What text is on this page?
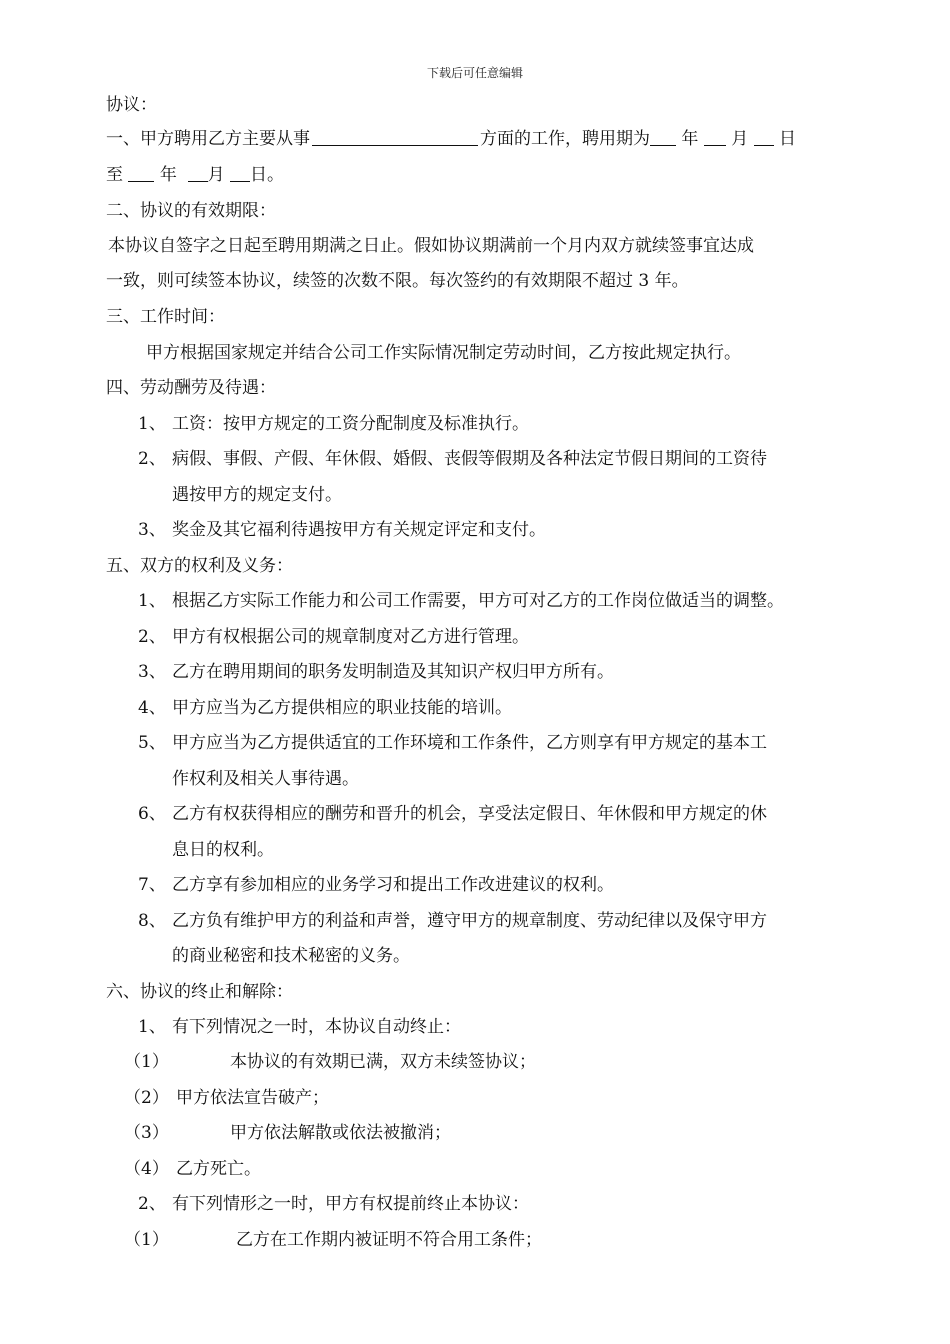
下载后可任意编辑
协议：
一、甲方聘用乙方主要从事	方面的工作，聘用期为 年 月 日
至 年 月 日。
二、协议的有效期限：
本协议自签字之日起至聘用期满之日止。假如协议期满前一个月内双方就续签事宜达成
一致，则可续签本协议，续签的次数不限。每次签约的有效期限不超过 3 年。
三、工作时间：
甲方根据国家规定并结合公司工作实际情况制定劳动时间，乙方按此规定执行。
四、劳动酬劳及待遇：
1、 工资：按甲方规定的工资分配制度及标准执行。
2、 病假、事假、产假、年休假、婚假、丧假等假期及各种法定节假日期间的工资待
遇按甲方的规定支付。
3、 奖金及其它福利待遇按甲方有关规定评定和支付。
五、双方的权利及义务：
1、 根据乙方实际工作能力和公司工作需要，甲方可对乙方的工作岗位做适当的调整。
2、 甲方有权根据公司的规章制度对乙方进行管理。
3、 乙方在聘用期间的职务发明制造及其知识产权归甲方所有。
4、 甲方应当为乙方提供相应的职业技能的培训。
5、 甲方应当为乙方提供适宜的工作环境和工作条件，乙方则享有甲方规定的基本工
作权利及相关人事待遇。
6、 乙方有权获得相应的酬劳和晋升的机会，享受法定假日、年休假和甲方规定的休
息日的权利。
7、 乙方享有参加相应的业务学习和提出工作改进建议的权利。
8、 乙方负有维护甲方的利益和声誉，遵守甲方的规章制度、劳动纪律以及保守甲方
的商业秘密和技术秘密的义务。
六、协议的终止和解除：
1、 有下列情况之一时，本协议自动终止：
（1）	本协议的有效期已满，双方未续签协议；
（2） 甲方依法宣告破产；
（3）	甲方依法解散或依法被撤消；
（4） 乙方死亡。
2、 有下列情形之一时，甲方有权提前终止本协议：
（1）	乙方在工作期内被证明不符合用工条件；
